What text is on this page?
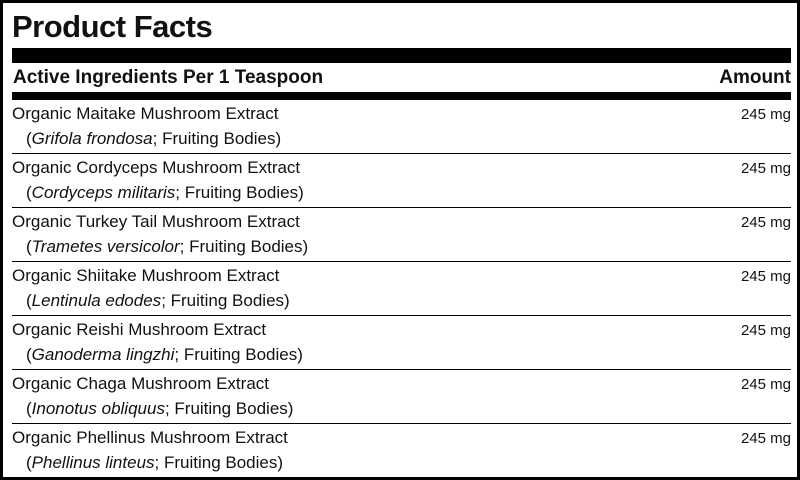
Product Facts
Active Ingredients Per 1 Teaspoon	Amount
Organic Maitake Mushroom Extract
(Grifola frondosa; Fruiting Bodies)
245 mg
Organic Cordyceps Mushroom Extract
(Cordyceps militaris; Fruiting Bodies)
245 mg
Organic Turkey Tail Mushroom Extract
(Trametes versicolor; Fruiting Bodies)
245 mg
Organic Shiitake Mushroom Extract
(Lentinula edodes; Fruiting Bodies)
245 mg
Organic Reishi Mushroom Extract
(Ganoderma lingzhi; Fruiting Bodies)
245 mg
Organic Chaga Mushroom Extract
(Inonotus obliquus; Fruiting Bodies)
245 mg
Organic Phellinus Mushroom Extract
(Phellinus linteus; Fruiting Bodies)
245 mg
